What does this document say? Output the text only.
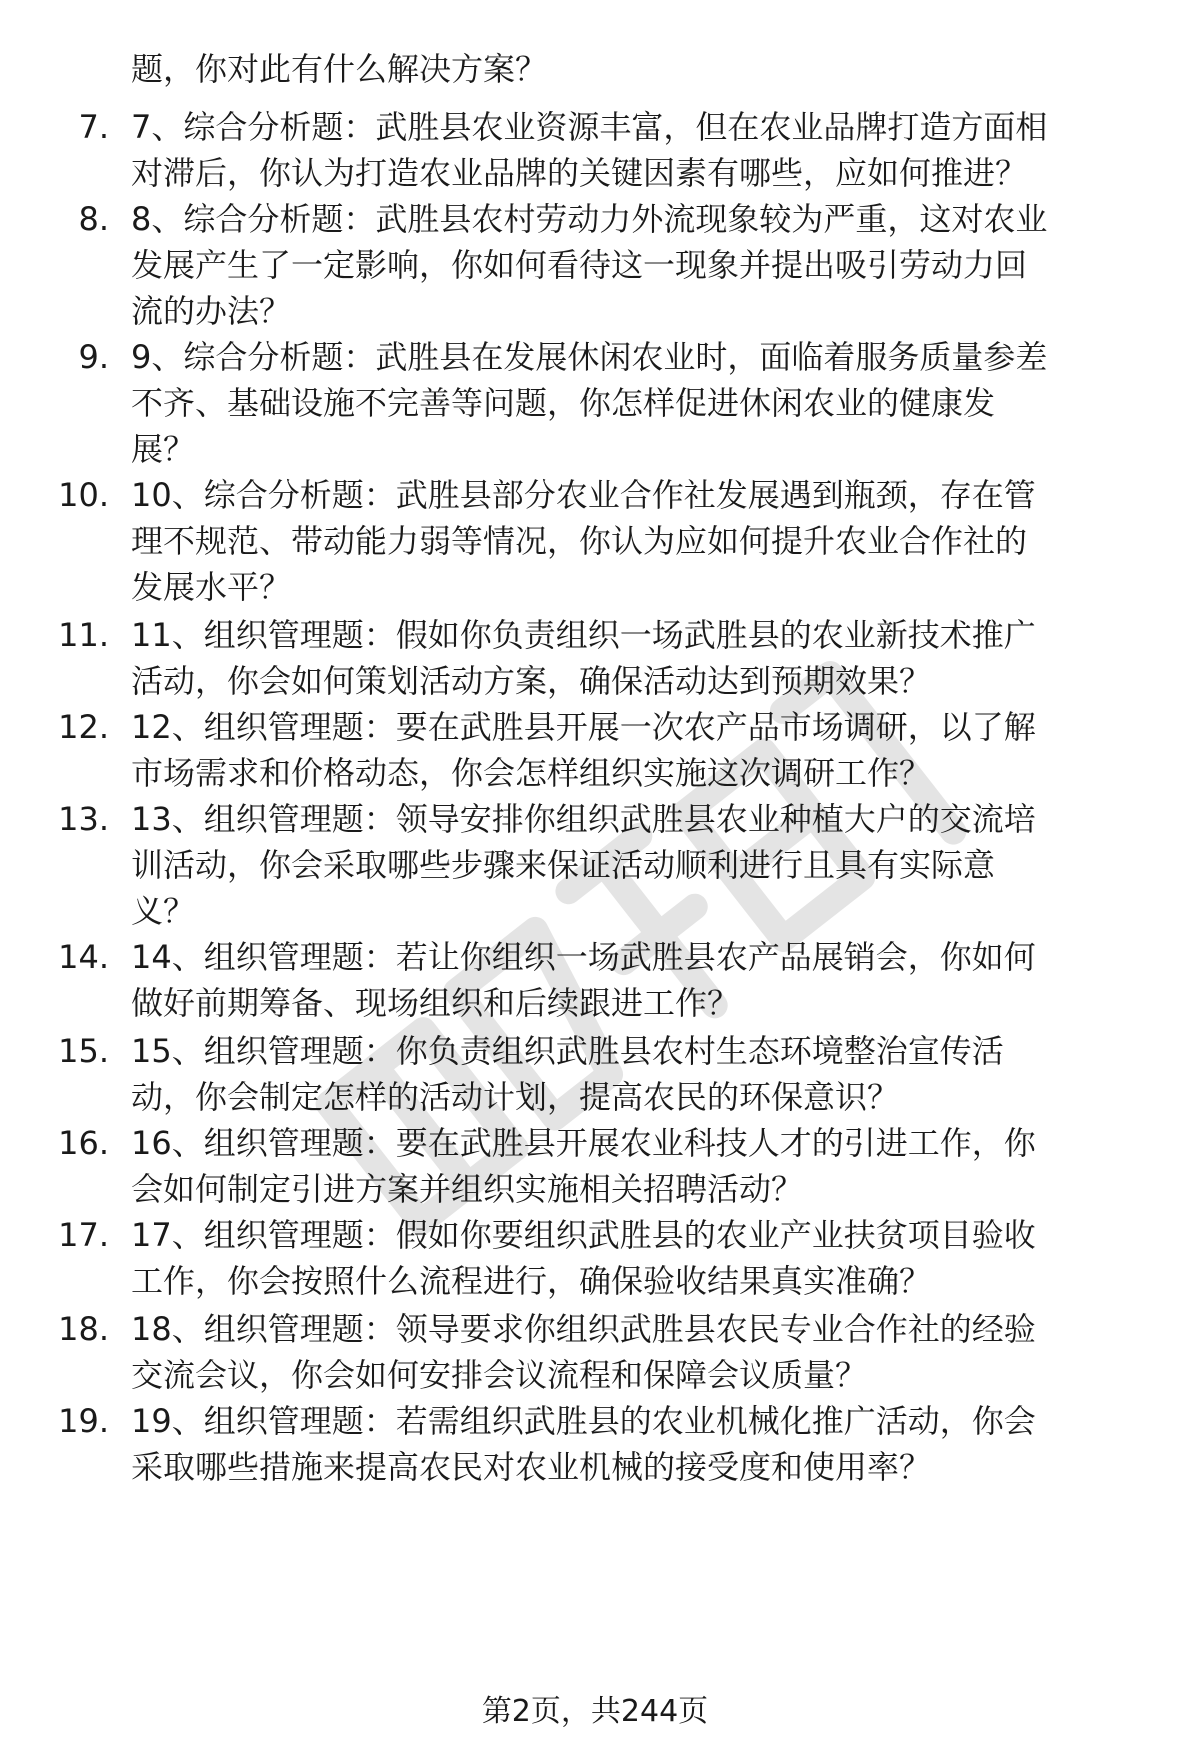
题，你对此有什么解决方案？
7. 7、综合分析题：武胜县农业资源丰富，但在农业品牌打造方面相
对滞后，你认为打造农业品牌的关键因素有哪些，应如何推进？
8. 8、综合分析题：武胜县农村劳动力外流现象较为严重，这对农业
发展产生了一定影响，你如何看待这一现象并提出吸引劳动力回
流的办法？
9. 9、综合分析题：武胜县在发展休闲农业时，面临着服务质量参差
不齐、基础设施不完善等问题，你怎样促进休闲农业的健康发
展？
10. 10、综合分析题：武胜县部分农业合作社发展遇到瓶颈，存在管
理不规范、带动能力弱等情况，你认为应如何提升农业合作社的
发展水平？
11. 11、组织管理题：假如你负责组织一场武胜县的农业新技术推广
活动，你会如何策划活动方案，确保活动达到预期效果？
12. 12、组织管理题：要在武胜县开展一次农产品市场调研，以了解
市场需求和价格动态，你会怎样组织实施这次调研工作？
13. 13、组织管理题：领导安排你组织武胜县农业种植大户的交流培
训活动，你会采取哪些步骤来保证活动顺利进行且具有实际意
义？
14. 14、组织管理题：若让你组织一场武胜县农产品展销会，你如何
做好前期筹备、现场组织和后续跟进工作？
15. 15、组织管理题：你负责组织武胜县农村生态环境整治宣传活
动，你会制定怎样的活动计划，提高农民的环保意识？
16. 16、组织管理题：要在武胜县开展农业科技人才的引进工作，你
会如何制定引进方案并组织实施相关招聘活动？
17. 17、组织管理题：假如你要组织武胜县的农业产业扶贫项目验收
工作，你会按照什么流程进行，确保验收结果真实准确？
18. 18、组织管理题：领导要求你组织武胜县农民专业合作社的经验
交流会议，你会如何安排会议流程和保障会议质量？
19. 19、组织管理题：若需组织武胜县的农业机械化推广活动，你会
采取哪些措施来提高农民对农业机械的接受度和使用率？
第2页，共244页
